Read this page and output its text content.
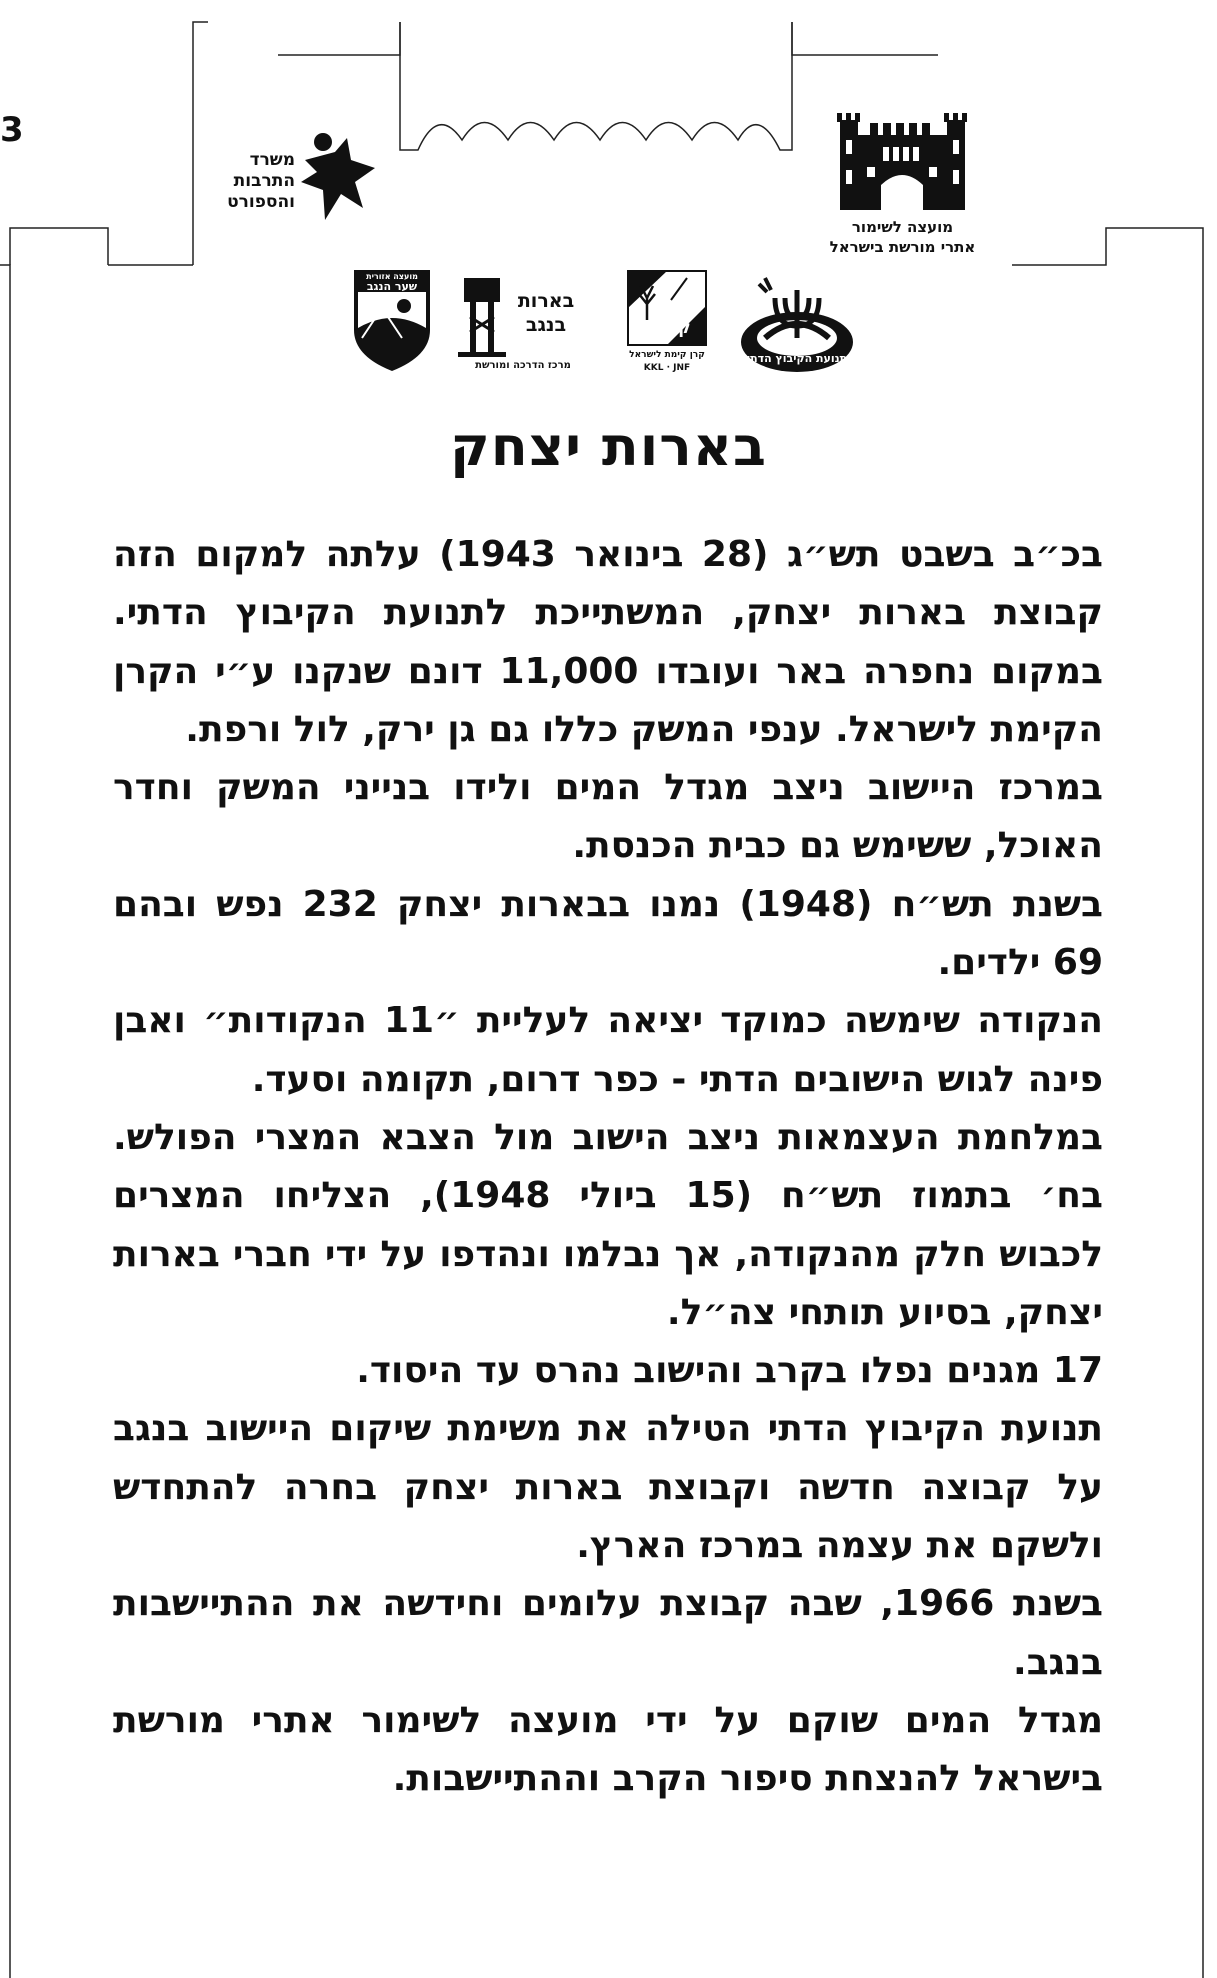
3
מועצה לשימור
אתרי מורשת בישראל
משרד
התרבות
והספורט
מועצה אזורית
שער הנגב
בארות
בנגב
מרכז הדרכה ומורשת
קק״ל
קרן קימת לישראל
KKL · JNF
תנועת הקיבוץ הדתי
בארות יצחק

בכ״ב בשבט תש״ג (28 בינואר 1943) עלתה למקום הזה קבוצת בארות יצחק, המשתייכת לתנועת הקיבוץ הדתי. במקום נחפרה באר ועובדו 11,000 דונם שנקנו ע״י הקרן הקימת לישראל. ענפי המשק כללו גם גן ירק, לול ורפת.

במרכז היישוב ניצב מגדל המים ולידו בנייני המשק וחדר האוכל, ששימש גם כבית הכנסת.

בשנת תש״ח (1948) נמנו בבארות יצחק 232 נפש ובהם 69 ילדים.

הנקודה שימשה כמוקד יציאה לעליית ״11 הנקודות״ ואבן פינה לגוש הישובים הדתי - כפר דרום, תקומה וסעד.

במלחמת העצמאות ניצב הישוב מול הצבא המצרי הפולש. בח׳ בתמוז תש״ח (15 ביולי 1948), הצליחו המצרים לכבוש חלק מהנקודה, אך נבלמו ונהדפו על ידי חברי בארות יצחק, בסיוע תותחי צה״ל.

17 מגנים נפלו בקרב והישוב נהרס עד היסוד.

תנועת הקיבוץ הדתי הטילה את משימת שיקום היישוב בנגב על קבוצה חדשה וקבוצת בארות יצחק בחרה להתחדש ולשקם את עצמה במרכז הארץ.

בשנת 1966, שבה קבוצת עלומים וחידשה את ההתיישבות בנגב.

מגדל המים שוקם על ידי מועצה לשימור אתרי מורשת בישראל להנצחת סיפור הקרב וההתיישבות.
